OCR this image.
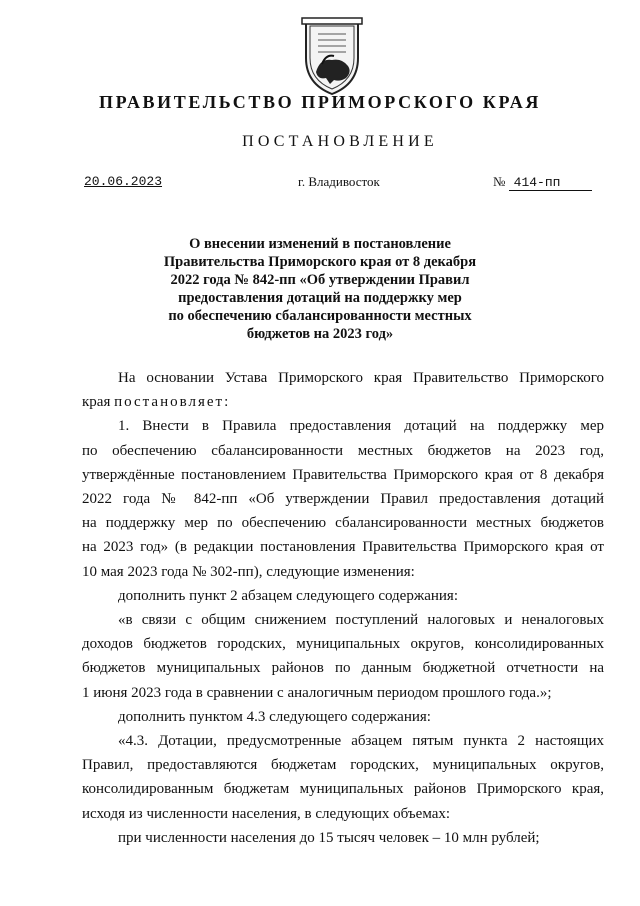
ПРАВИТЕЛЬСТВО ПРИМОРСКОГО КРАЯ
ПОСТАНОВЛЕНИЕ
20.06.2023	г. Владивосток	№ 414-пп
О внесении изменений в постановление
Правительства Приморского края от 8 декабря
2022 года № 842-пп «Об утверждении Правил
предоставления дотаций на поддержку мер
по обеспечению сбалансированности местных
бюджетов на 2023 год»

На основании Устава Приморского края Правительство Приморского

края постановляет:

1. Внести в Правила предоставления дотаций на поддержку мер

по обеспечению сбалансированности местных бюджетов на 2023 год,

утверждённые постановлением Правительства Приморского края от 8 декабря

2022 года № 842-пп «Об утверждении Правил предоставления дотаций

на поддержку мер по обеспечению сбалансированности местных бюджетов

на 2023 год» (в редакции постановления Правительства Приморского края от

10 мая 2023 года № 302-пп), следующие изменения:

дополнить пункт 2 абзацем следующего содержания:

«в связи с общим снижением поступлений налоговых и неналоговых

доходов бюджетов городских, муниципальных округов, консолидированных

бюджетов муниципальных районов по данным бюджетной отчетности на

1 июня 2023 года в сравнении с аналогичным периодом прошлого года.»;

дополнить пунктом 4.3 следующего содержания:

«4.3. Дотации, предусмотренные абзацем пятым пункта 2 настоящих

Правил, предоставляются бюджетам городских, муниципальных округов,

консолидированным бюджетам муниципальных районов Приморского края,

исходя из численности населения, в следующих объемах:

при численности населения до 15 тысяч человек – 10 млн рублей;
